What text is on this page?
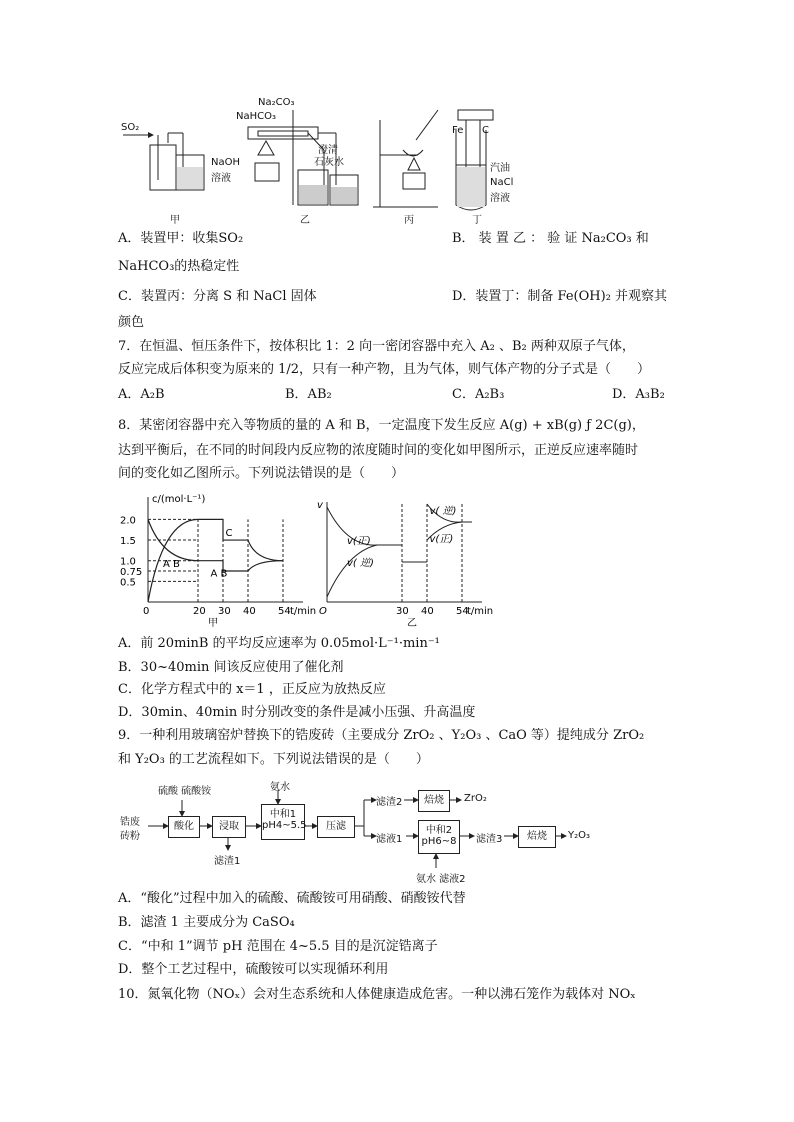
SO₂
NaOH
溶液
Na₂CO₃
NaHCO₃
澄清
石灰水
Fe C
汽油
NaCl
溶液
甲	乙	丙	丁
A．装置甲：收集SO₂	B． 装 置 乙 ： 验 证 Na₂CO₃ 和
NaHCO₃的热稳定性
C．装置丙：分离 S 和 NaCl 固体	D．装置丁：制备 Fe(OH)₂ 并观察其
颜色
7．在恒温、恒压条件下，按体积比 1：2 向一密闭容器中充入 A₂ 、B₂ 两种双原子气体，
反应完成后体积变为原来的 1/2，只有一种产物，且为气体，则气体产物的分子式是（　　）
A．A₂B	B．AB₂	C．A₂B₃	D．A₃B₂
8．某密闭容器中充入等物质的量的 A 和 B，一定温度下发生反应 A(g) + xB(g) ƒ 2C(g)，
达到平衡后，在不同的时间段内反应物的浓度随时间的变化如甲图所示，正逆反应速率随时
间的变化如乙图所示。下列说法错误的是（　　）
c/(mol·L⁻¹)
t/min
0	20 30 40 54
0.5
0.75
1.0
1.5
2.0
C
A B
A B
甲
O
v
t/min
30 40 54
v(正)
v( 逆)
v( 逆)
v(正)
乙
A．前 20minB 的平均反应速率为 0.05mol·L⁻¹·min⁻¹
B．30~40min 间该反应使用了催化剂
C．化学方程式中的 x＝1 ，正反应为放热反应
D．30min、40min 时分别改变的条件是减小压强、升高温度
9．一种利用玻璃窑炉替换下的锆废砖（主要成分 ZrO₂ 、Y₂O₃ 、CaO 等）提纯成分 ZrO₂
和 Y₂O₃ 的工艺流程如下。下列说法错误的是（　　）
硫酸 硫酸铵	氨水
锆废
砖粉
酸化	浸取
滤渣1
中和1
pH4~5.5	压滤
滤渣2
滤液1
焙烧	ZrO₂
中和2
pH6~8 滤渣3	焙烧	Y₂O₃
氨水 滤液2
A．“酸化”过程中加入的硫酸、硫酸铵可用硝酸、硝酸铵代替
B．滤渣 1 主要成分为 CaSO₄
C．“中和 1”调节 pH 范围在 4~5.5 目的是沉淀锆离子
D．整个工艺过程中，硫酸铵可以实现循环利用
10．氮氧化物（NOₓ）会对生态系统和人体健康造成危害。一种以沸石笼作为载体对 NOₓ
